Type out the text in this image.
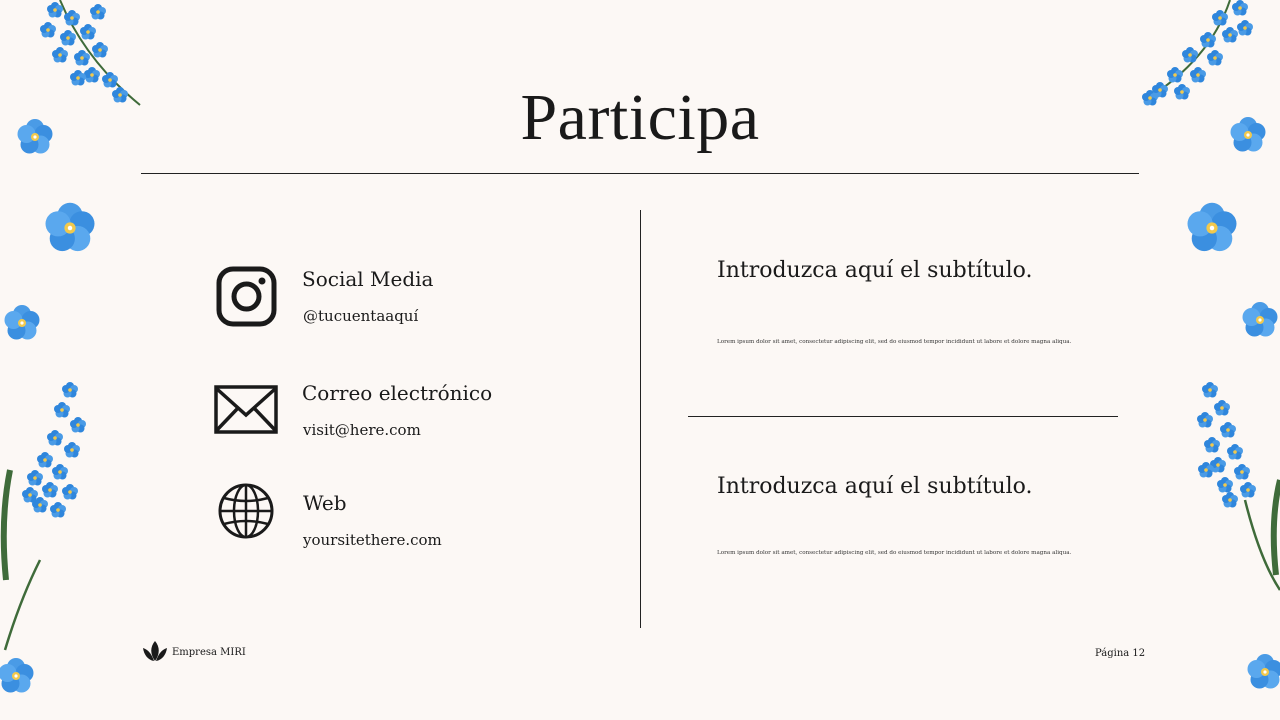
Participa
Social Media
@tucuentaaquí
Correo electrónico
visit@here.com
Web
yoursitethere.com
Introduzca aquí el subtítulo.
Lorem ipsum dolor sit amet, consectetur adipiscing elit, sed do eiusmod tempor incididunt ut labore et dolore magna aliqua.
Introduzca aquí el subtítulo.
Lorem ipsum dolor sit amet, consectetur adipiscing elit, sed do eiusmod tempor incididunt ut labore et dolore magna aliqua.
Empresa MIRI	Página 12
